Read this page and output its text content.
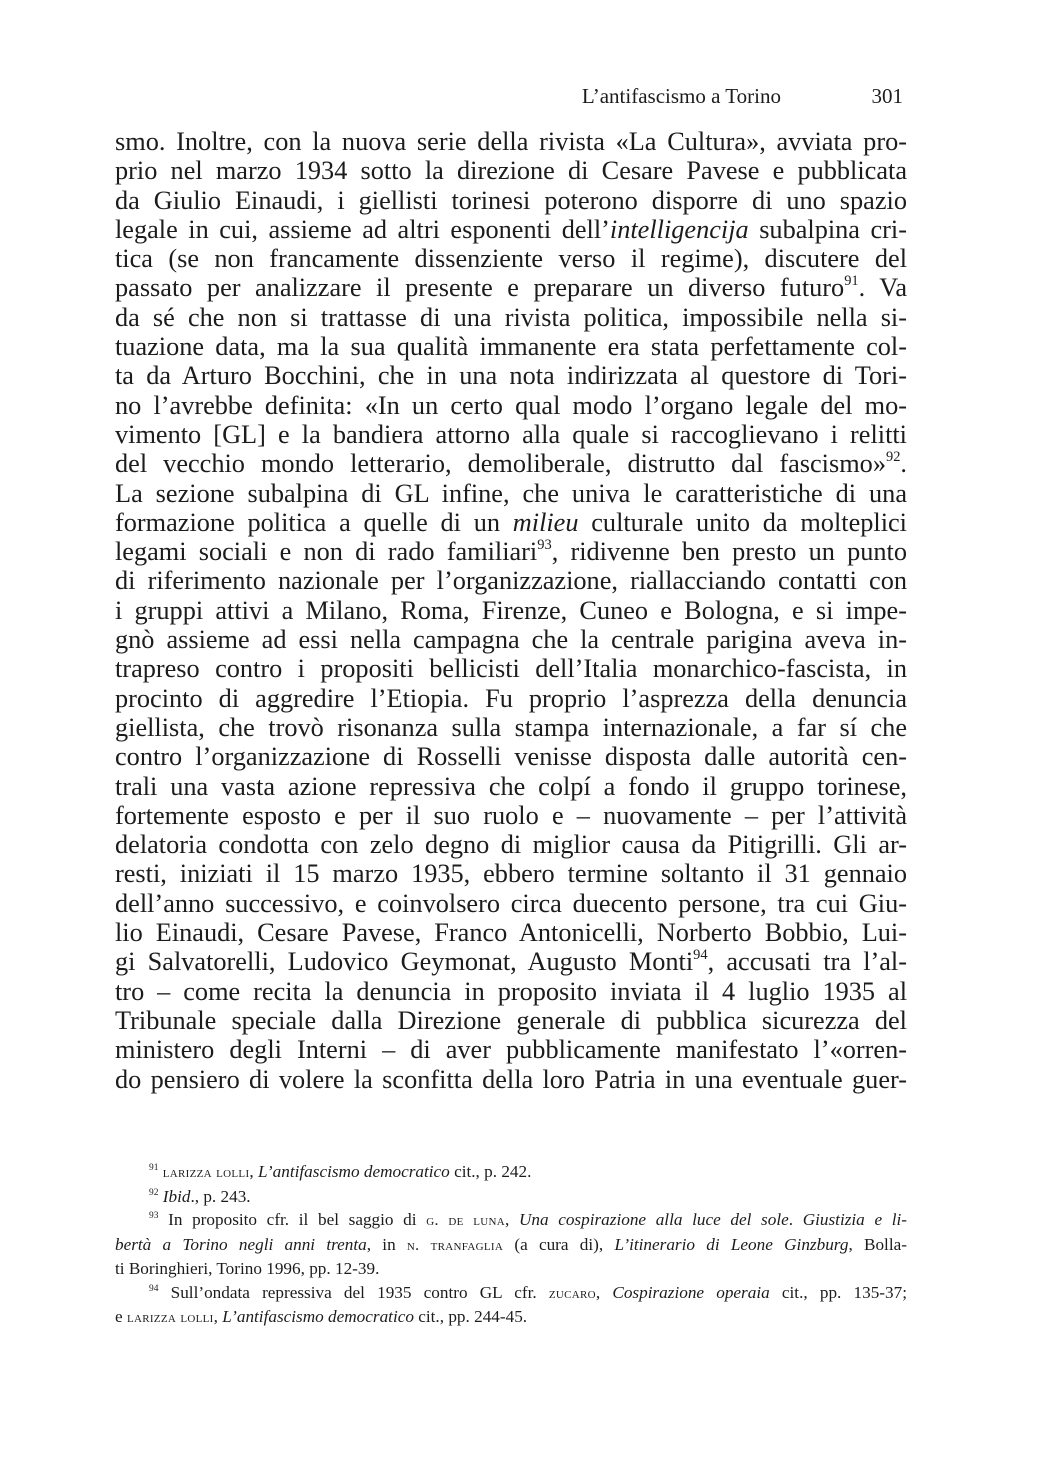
L’antifascismo a Torino	301
smo. Inoltre, con la nuova serie della rivista «La Cultura», avviata pro-
prio nel marzo 1934 sotto la direzione di Cesare Pavese e pubblicata
da Giulio Einaudi, i giellisti torinesi poterono disporre di uno spazio
legale in cui, assieme ad altri esponenti dell’intelligencija subalpina cri-
tica (se non francamente dissenziente verso il regime), discutere del
passato per analizzare il presente e preparare un diverso futuro$^{91}$. Va
da sé che non si trattasse di una rivista politica, impossibile nella si-
tuazione data, ma la sua qualità immanente era stata perfettamente col-
ta da Arturo Bocchini, che in una nota indirizzata al questore di Tori-
no l’avrebbe definita: «In un certo qual modo l’organo legale del mo-
vimento [GL] e la bandiera attorno alla quale si raccoglievano i relitti
del vecchio mondo letterario, demoliberale, distrutto dal fascismo»$^{92}$.
La sezione subalpina di GL infine, che univa le caratteristiche di una
formazione politica a quelle di un milieu culturale unito da molteplici
legami sociali e non di rado familiari$^{93}$, ridivenne ben presto un punto
di riferimento nazionale per l’organizzazione, riallacciando contatti con
i gruppi attivi a Milano, Roma, Firenze, Cuneo e Bologna, e si impe-
gnò assieme ad essi nella campagna che la centrale parigina aveva in-
trapreso contro i propositi bellicisti dell’Italia monarchico-fascista, in
procinto di aggredire l’Etiopia. Fu proprio l’asprezza della denuncia
giellista, che trovò risonanza sulla stampa internazionale, a far sí che
contro l’organizzazione di Rosselli venisse disposta dalle autorità cen-
trali una vasta azione repressiva che colpí a fondo il gruppo torinese,
fortemente esposto e per il suo ruolo e – nuovamente – per l’attività
delatoria condotta con zelo degno di miglior causa da Pitigrilli. Gli ar-
resti, iniziati il 15 marzo 1935, ebbero termine soltanto il 31 gennaio
dell’anno successivo, e coinvolsero circa duecento persone, tra cui Giu-
lio Einaudi, Cesare Pavese, Franco Antonicelli, Norberto Bobbio, Lui-
gi Salvatorelli, Ludovico Geymonat, Augusto Monti$^{94}$, accusati tra l’al-
tro – come recita la denuncia in proposito inviata il 4 luglio 1935 al
Tribunale speciale dalla Direzione generale di pubblica sicurezza del
ministero degli Interni – di aver pubblicamente manifestato l’«orren-
do pensiero di volere la sconfitta della loro Patria in una eventuale guer-
$^{91}$ larizza lolli, L’antifascismo democratico cit., p. 242.
$^{92}$ Ibid., p. 243.
$^{93}$ In proposito cfr. il bel saggio di g. de luna, Una cospirazione alla luce del sole. Giustizia e li-
bertà a Torino negli anni trenta, in n. tranfaglia (a cura di), L’itinerario di Leone Ginzburg, Bolla-
ti Boringhieri, Torino 1996, pp. 12-39.
$^{94}$ Sull’ondata repressiva del 1935 contro GL cfr. zucaro, Cospirazione operaia cit., pp. 135-37;
e larizza lolli, L’antifascismo democratico cit., pp. 244-45.
